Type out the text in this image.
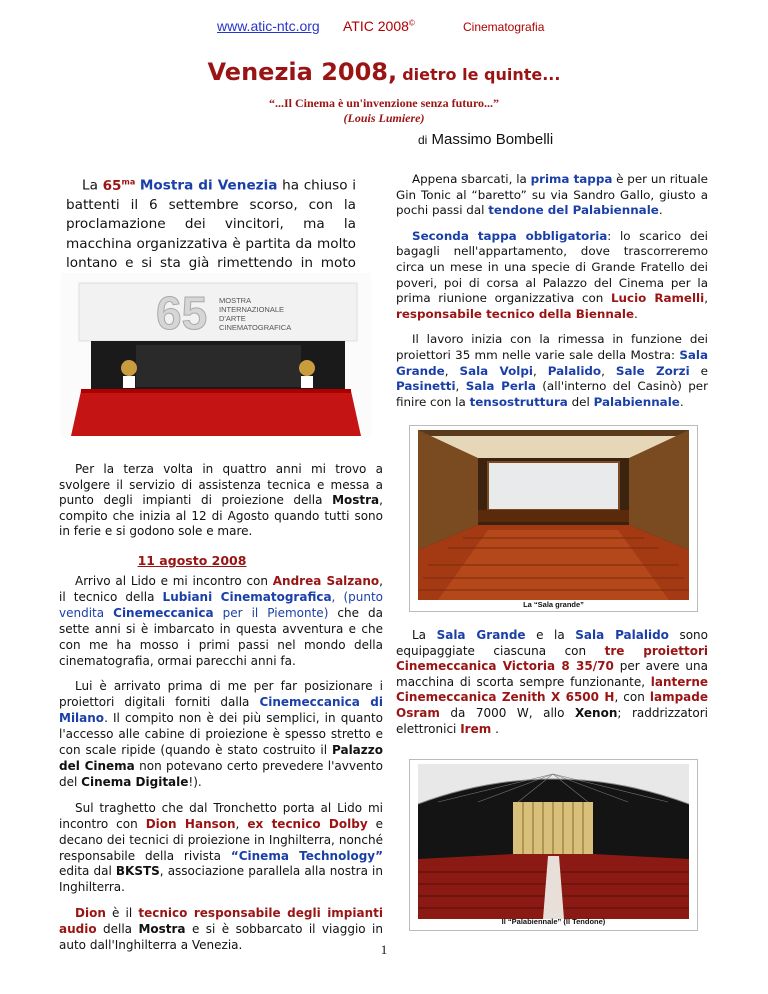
www.atic-ntc.org ATIC 2008©	Cinematografia
Venezia 2008, dietro le quinte...
“...Il Cinema è un'invenzione senza futuro...”
(Louis Lumiere)
di Massimo Bombelli

La $65^{ma}$ Mostra di Venezia ha chiuso i battenti il 6 settembre scorso, con la proclamazione dei vincitori, ma la macchina organizzativa è partita da molto lontano e si sta già rimettendo in moto

65 MOSTRA
INTERNAZIONALE
D'ARTE
CINEMATOGRAFICA

Per la terza volta in quattro anni mi trovo a svolgere il servizio di assistenza tecnica e messa a punto degli impianti di proiezione della Mostra, compito che inizia al 12 di Agosto quando tutti sono in ferie e si godono sole e mare.

11 agosto 2008

Arrivo al Lido e mi incontro con Andrea Salzano, il tecnico della Lubiani Cinematografica, (punto vendita Cinemeccanica per il Piemonte) che da sette anni si è imbarcato in questa avventura e che con me ha mosso i primi passi nel mondo della cinematografia, ormai parecchi anni fa.

Lui è arrivato prima di me per far posizionare i proiettori digitali forniti dalla Cinemeccanica di Milano. Il compito non è dei più semplici, in quanto l'accesso alle cabine di proiezione è spesso stretto e con scale ripide (quando è stato costruito il Palazzo del Cinema non potevano certo prevedere l'avvento del Cinema Digitale!).

Sul traghetto che dal Tronchetto porta al Lido mi incontro con Dion Hanson, ex tecnico Dolby e decano dei tecnici di proiezione in Inghilterra, nonché responsabile della rivista “Cinema Technology” edita dal BKSTS, associazione parallela alla nostra in Inghilterra.

Dion è il tecnico responsabile degli impianti audio della Mostra e si è sobbarcato il viaggio in auto dall'Inghilterra a Venezia.

Appena sbarcati, la prima tappa è per un rituale Gin Tonic al “baretto” su via Sandro Gallo, giusto a pochi passi dal tendone del Palabiennale.

Seconda tappa obbligatoria: lo scarico dei bagagli nell'appartamento, dove trascorreremo circa un mese in una specie di Grande Fratello dei poveri, poi di corsa al Palazzo del Cinema per la prima riunione organizzativa con Lucio Ramelli, responsabile tecnico della Biennale.

Il lavoro inizia con la rimessa in funzione dei proiettori 35 mm nelle varie sale della Mostra: Sala Grande, Sala Volpi, Palalido, Sale Zorzi e Pasinetti, Sala Perla (all'interno del Casinò) per finire con la tensostruttura del Palabiennale.

La “Sala grande”

La Sala Grande e la Sala Palalido sono equipaggiate ciascuna con tre proiettori Cinemeccanica Victoria 8 35/70 per avere una macchina di scorta sempre funzionante, lanterne Cinemeccanica Zenith X 6500 H, con lampade Osram da 7000 W, allo Xenon; raddrizzatori elettronici Irem .

Il “Palabiennale” (Il Tendone)
1
